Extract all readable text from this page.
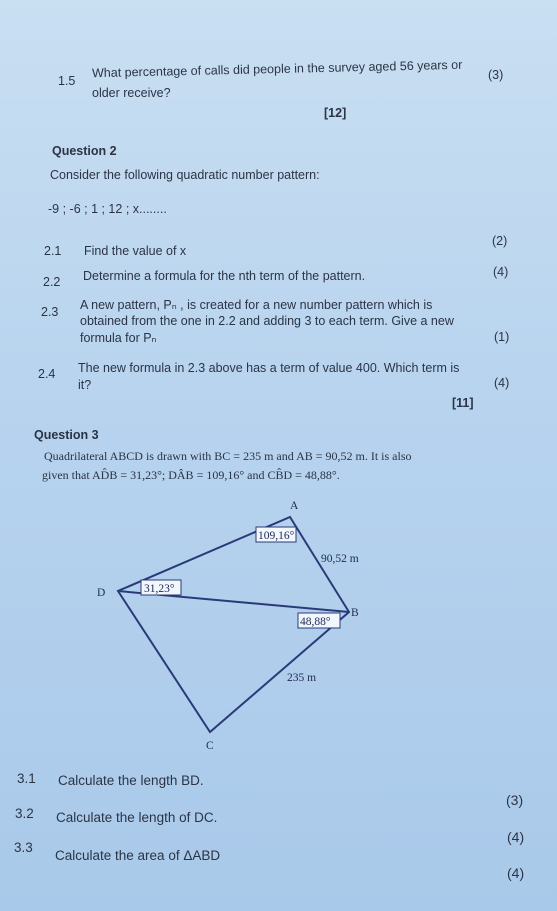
1.5
What percentage of calls did people in the survey aged 56 years or
older receive?
(3)
[12]
Question 2
Consider the following quadratic number pattern:
-9 ; -6 ; 1 ; 12 ; x........
2.1 Find the value of x
(2)
2.2 Determine a formula for the nth term of the pattern.	(4)
2.3 A new pattern, Pₙ , is created for a new number pattern which is
obtained from the one in 2.2 and adding 3 to each term. Give a new
formula for Pₙ	(1)
2.4 The new formula in 2.3 above has a term of value 400. Which term is
it?	(4)
[11]
Question 3
Quadrilateral ABCD is drawn with BC = 235 m and AB = 90,52 m. It is also
given that AD̂B = 31,23°; DÂB = 109,16° and CB̂D = 48,88°.
A
B
C
D
109,16°
31,23°
48,88°
90,52 m
235 m
3.1 Calculate the length BD.
(3)
3.2 Calculate the length of DC.
(4)
3.3
Calculate the area of ΔABD
(4)
